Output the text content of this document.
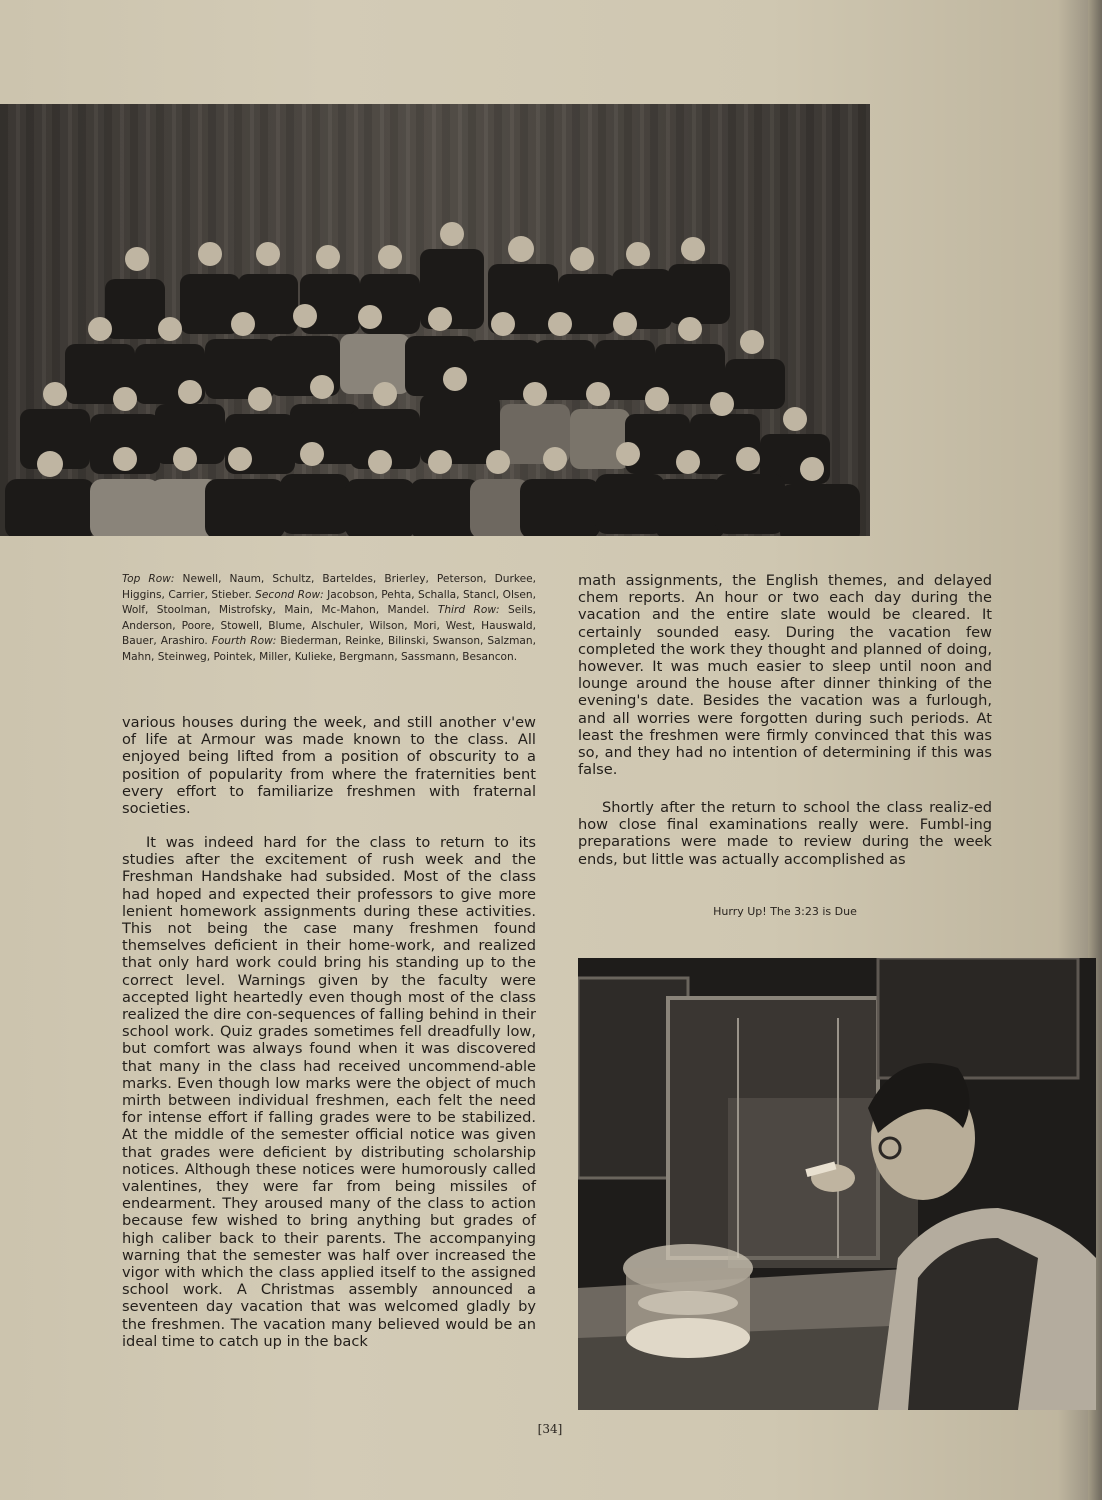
Top Row: Newell, Naum, Schultz, Barteldes, Brierley, Peterson, Durkee, Higgins, Carrier, Stieber. Second Row: Jacobson, Pehta, Schalla, Stancl, Olsen, Wolf, Stoolman, Mistrofsky, Main, Mc-Mahon, Mandel. Third Row: Seils, Anderson, Poore, Stowell, Blume, Alschuler, Wilson, Mori, West, Hauswald, Bauer, Arashiro. Fourth Row: Biederman, Reinke, Bilinski, Swanson, Salzman, Mahn, Steinweg, Pointek, Miller, Kulieke, Bergmann, Sassmann, Besancon.

various houses during the week, and still another v'ew of life at Armour was made known to the class. All enjoyed being lifted from a position of obscurity to a position of popularity from where the fraternities bent every effort to familiarize freshmen with fraternal societies.

It was indeed hard for the class to return to its studies after the excitement of rush week and the Freshman Handshake had subsided. Most of the class had hoped and expected their professors to give more lenient homework assignments during these activities. This not being the case many freshmen found themselves deficient in their home-work, and realized that only hard work could bring his standing up to the correct level. Warnings given by the faculty were accepted light heartedly even though most of the class realized the dire con-sequences of falling behind in their school work. Quiz grades sometimes fell dreadfully low, but comfort was always found when it was discovered that many in the class had received uncommend-able marks. Even though low marks were the object of much mirth between individual freshmen, each felt the need for intense effort if falling grades were to be stabilized. At the middle of the semester official notice was given that grades were deficient by distributing scholarship notices. Although these notices were humorously called valentines, they were far from being missiles of endearment. They aroused many of the class to action because few wished to bring anything but grades of high caliber back to their parents. The accompanying warning that the semester was half over increased the vigor with which the class applied itself to the assigned school work. A Christmas assembly announced a seventeen day vacation that was welcomed gladly by the freshmen. The vacation many believed would be an ideal time to catch up in the back

math assignments, the English themes, and delayed chem reports. An hour or two each day during the vacation and the entire slate would be cleared. It certainly sounded easy. During the vacation few completed the work they thought and planned of doing, however. It was much easier to sleep until noon and lounge around the house after dinner thinking of the evening's date. Besides the vacation was a furlough, and all worries were forgotten during such periods. At least the freshmen were firmly convinced that this was so, and they had no intention of determining if this was false.

Shortly after the return to school the class realiz-ed how close final examinations really were. Fumbl-ing preparations were made to review during the week ends, but little was actually accomplished as

Hurry Up! The 3:23 is Due
[34]
